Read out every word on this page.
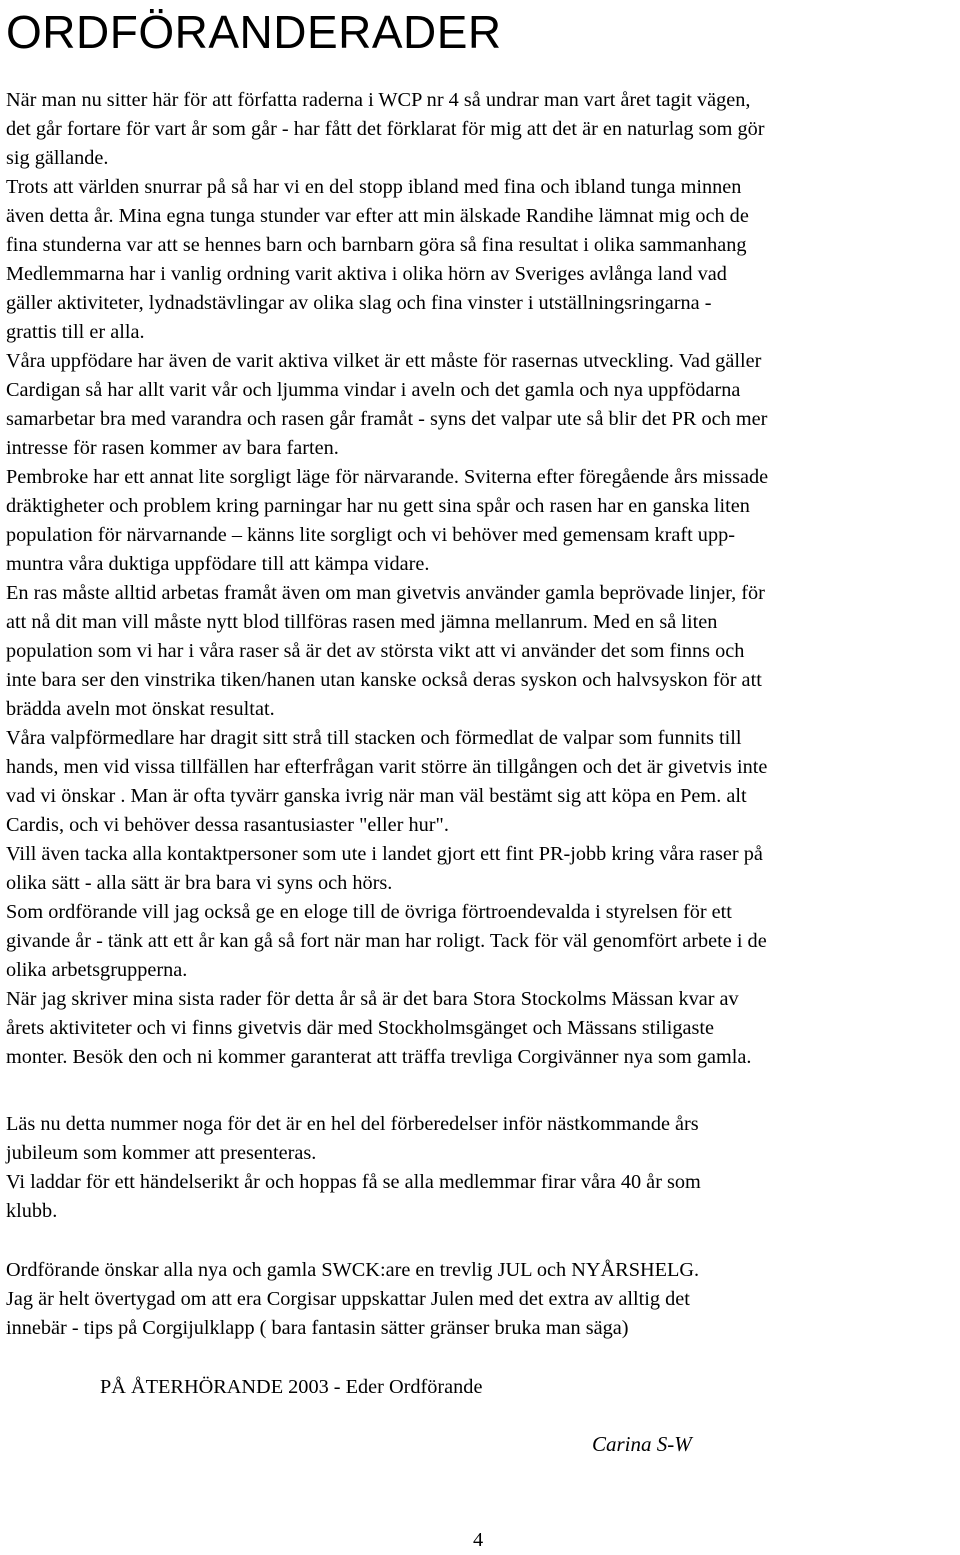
ORDFÖRANDERADER
När man nu sitter här för att författa raderna i WCP nr 4 så undrar man vart året tagit vägen,
det går fortare för vart år som går - har fått det förklarat för mig att det är en naturlag som gör
sig gällande.
Trots att världen snurrar på så har vi en del stopp ibland med fina och ibland tunga minnen
även detta år. Mina egna tunga stunder var efter att min älskade Randihe lämnat mig och de
fina stunderna var att se hennes barn och barnbarn göra så fina resultat i olika sammanhang
Medlemmarna har i vanlig ordning varit aktiva i olika hörn av Sveriges avlånga land vad
gäller aktiviteter, lydnadstävlingar av olika slag och fina vinster i utställningsringarna -
grattis till er alla.
Våra uppfödare har även de varit aktiva vilket är ett måste för rasernas utveckling. Vad gäller
Cardigan så har allt varit vår och ljumma vindar i aveln och det gamla och nya uppfödarna
samarbetar bra med varandra och rasen går framåt - syns det valpar ute så blir det PR och mer
intresse för rasen kommer av bara farten.
Pembroke har ett annat lite sorgligt läge för närvarande. Sviterna efter föregående års missade
dräktigheter och problem kring parningar har nu gett sina spår och rasen har en ganska liten
population för närvarnande – känns lite sorgligt och vi behöver med gemensam kraft upp-
muntra våra duktiga uppfödare till att kämpa vidare.
En ras måste alltid arbetas framåt även om man givetvis använder gamla beprövade linjer, för
att nå dit man vill måste nytt blod tillföras rasen med jämna mellanrum. Med en så liten
population som vi har i våra raser så är det av största vikt att vi använder det som finns och
inte bara ser den vinstrika tiken/hanen utan kanske också deras syskon och halvsyskon för att
brädda aveln mot önskat resultat.
Våra valpförmedlare har dragit sitt strå till stacken och förmedlat de valpar som funnits till
hands, men vid vissa tillfällen har efterfrågan varit större än tillgången och det är givetvis inte
vad vi önskar . Man är ofta tyvärr ganska ivrig när man väl bestämt sig att köpa en Pem. alt
Cardis, och vi behöver dessa rasantusiaster "eller hur".
Vill även tacka alla kontaktpersoner som ute i landet gjort ett fint PR-jobb kring våra raser på
olika sätt - alla sätt är bra bara vi syns och hörs.
Som ordförande vill jag också ge en eloge till de övriga förtroendevalda i styrelsen för ett
givande år - tänk att ett år kan gå så fort när man har roligt. Tack för väl genomfört arbete i de
olika arbetsgrupperna.
När jag skriver mina sista rader för detta år så är det bara Stora Stockolms Mässan kvar av
årets aktiviteter och vi finns givetvis där med Stockholmsgänget och Mässans stiligaste
monter. Besök den och ni kommer garanterat att träffa trevliga Corgivänner nya som gamla.
Läs nu detta nummer noga för det är en hel del förberedelser inför nästkommande års
jubileum som kommer att presenteras.
Vi laddar för ett händelserikt år och hoppas få se alla medlemmar firar våra 40 år som
klubb.
Ordförande önskar alla nya och gamla SWCK:are en trevlig JUL och NYÅRSHELG.
Jag är helt övertygad om att era Corgisar uppskattar Julen med det extra av alltig det
innebär - tips på Corgijulklapp ( bara fantasin sätter gränser bruka man säga)
PÅ ÅTERHÖRANDE 2003 - Eder Ordförande
Carina S-W
4
